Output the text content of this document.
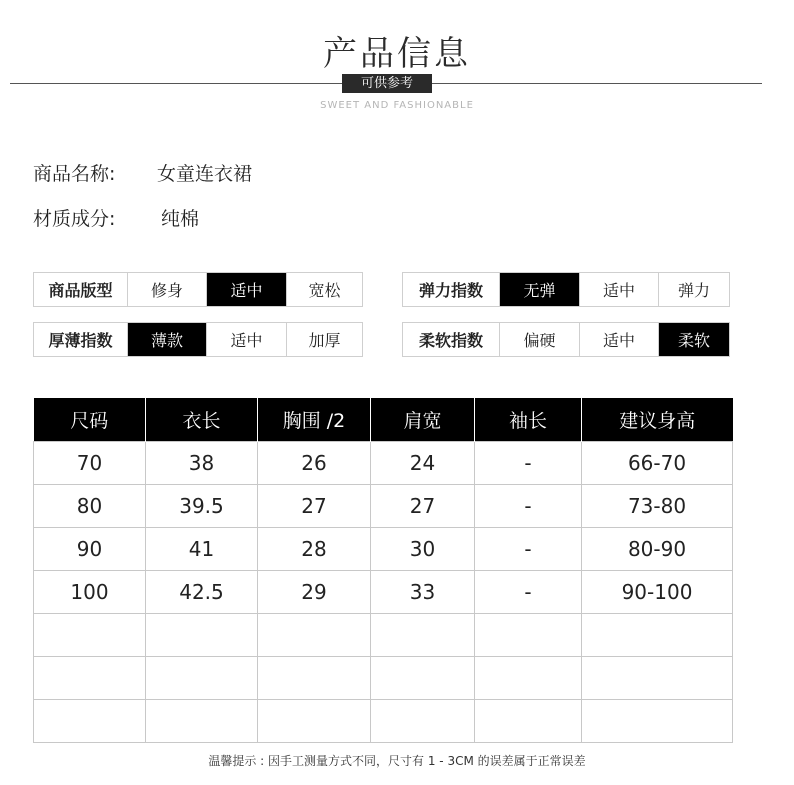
产品信息
可供参考
SWEET AND FASHIONABLE
商品名称: 女童连衣裙
材质成分: 纯棉
商品版型	修身	适中	宽松	弹力指数	无弹	适中	弹力
厚薄指数	薄款	适中	加厚	柔软指数	偏硬	适中	柔软
尺码	衣长	胸围 /2	肩宽	袖长	建议身高
70	38	26	24	-	66-70
80	39.5	27	27	-	73-80
90	41	28	30	-	80-90
100	42.5	29	33	-	90-100

温馨提示 : 因手工测量方式不同，尺寸有 1 - 3CM 的误差属于正常误差
